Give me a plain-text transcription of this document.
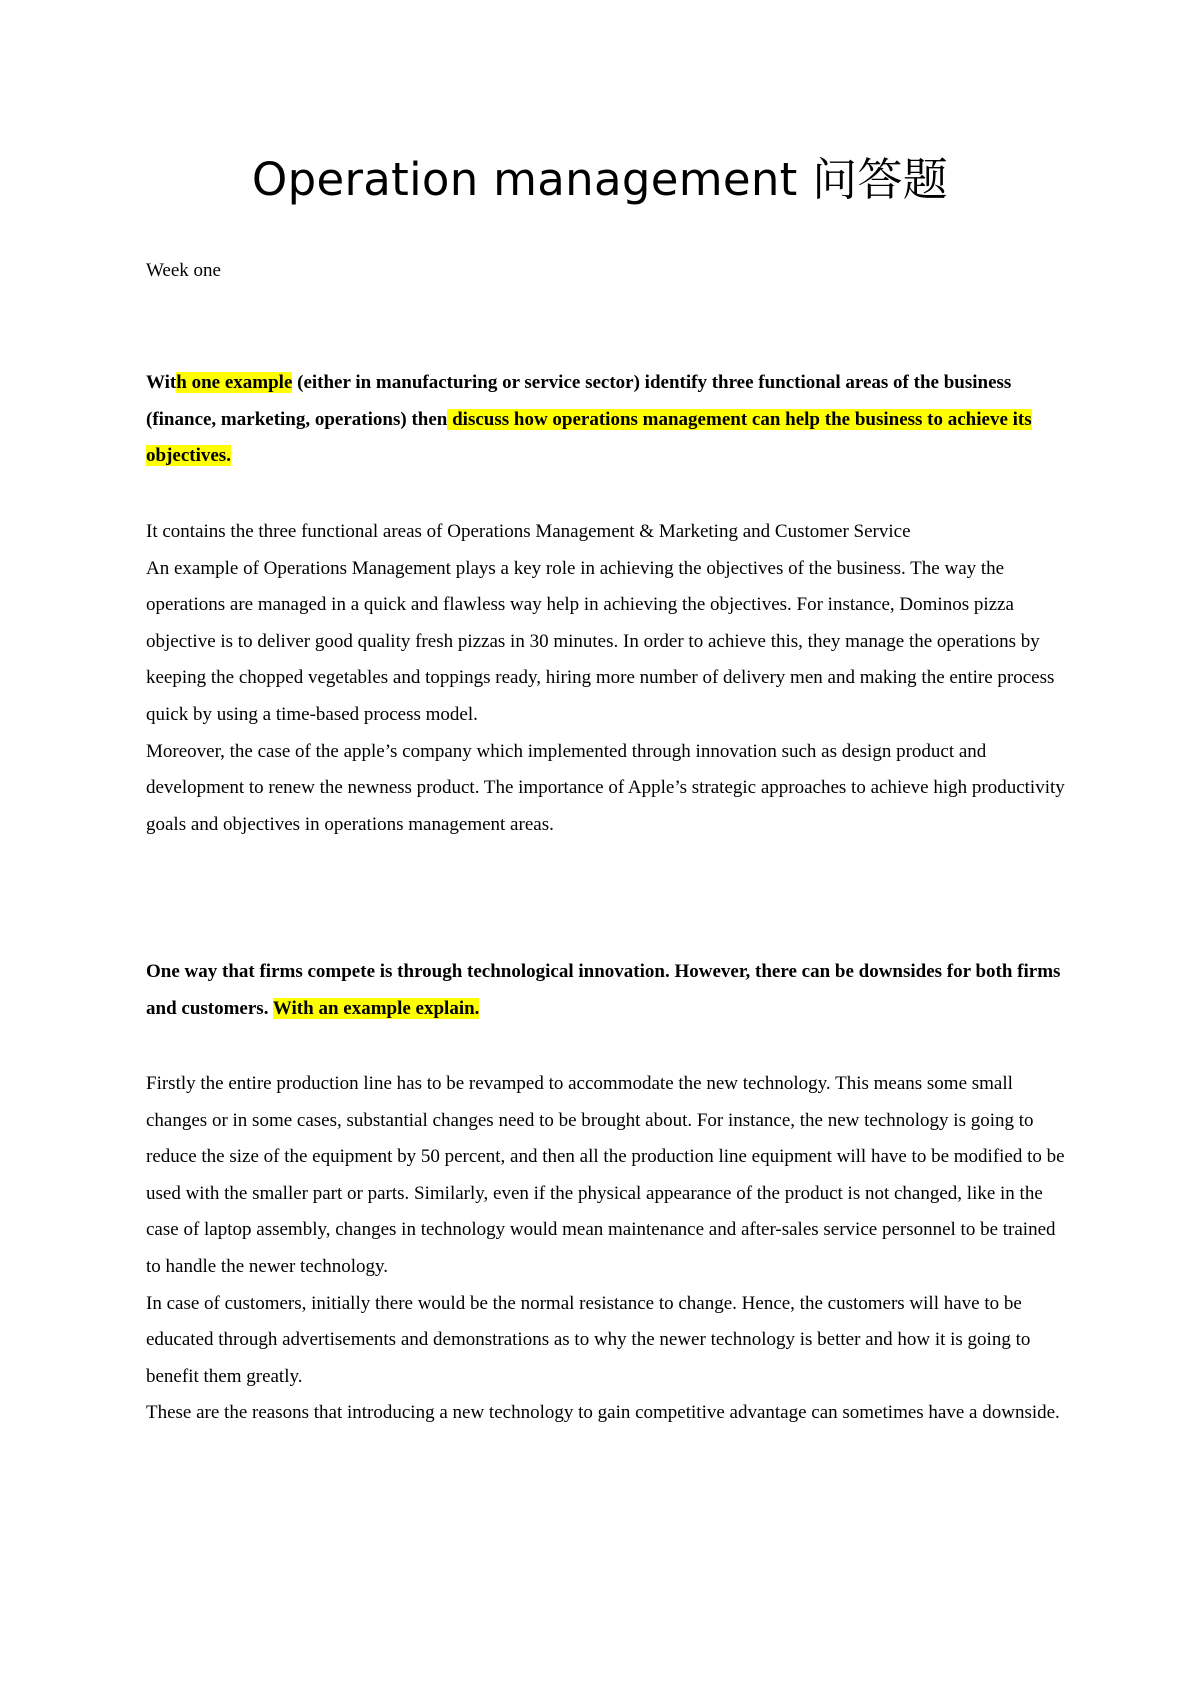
Operation management 问答题

Week one

With one example (either in manufacturing or service sector) identify three functional areas of the business (finance, marketing, operations) then discuss how operations management can help the business to achieve its objectives.

It contains the three functional areas of Operations Management & Marketing and Customer Service
An example of Operations Management plays a key role in achieving the objectives of the business. The way the operations are managed in a quick and flawless way help in achieving the objectives. For instance, Dominos pizza objective is to deliver good quality fresh pizzas in 30 minutes. In order to achieve this, they manage the operations by keeping the chopped vegetables and toppings ready, hiring more number of delivery men and making the entire process quick by using a time-based process model.
Moreover, the case of the apple’s company which implemented through innovation such as design product and development to renew the newness product. The importance of Apple’s strategic approaches to achieve high productivity goals and objectives in operations management areas.

One way that firms compete is through technological innovation. However, there can be downsides for both firms and customers. With an example explain.

Firstly the entire production line has to be revamped to accommodate the new technology. This means some small changes or in some cases, substantial changes need to be brought about. For instance, the new technology is going to reduce the size of the equipment by 50 percent, and then all the production line equipment will have to be modified to be used with the smaller part or parts. Similarly, even if the physical appearance of the product is not changed, like in the case of laptop assembly, changes in technology would mean maintenance and after-sales service personnel to be trained to handle the newer technology.
In case of customers, initially there would be the normal resistance to change. Hence, the customers will have to be educated through advertisements and demonstrations as to why the newer technology is better and how it is going to benefit them greatly.
These are the reasons that introducing a new technology to gain competitive advantage can sometimes have a downside.
